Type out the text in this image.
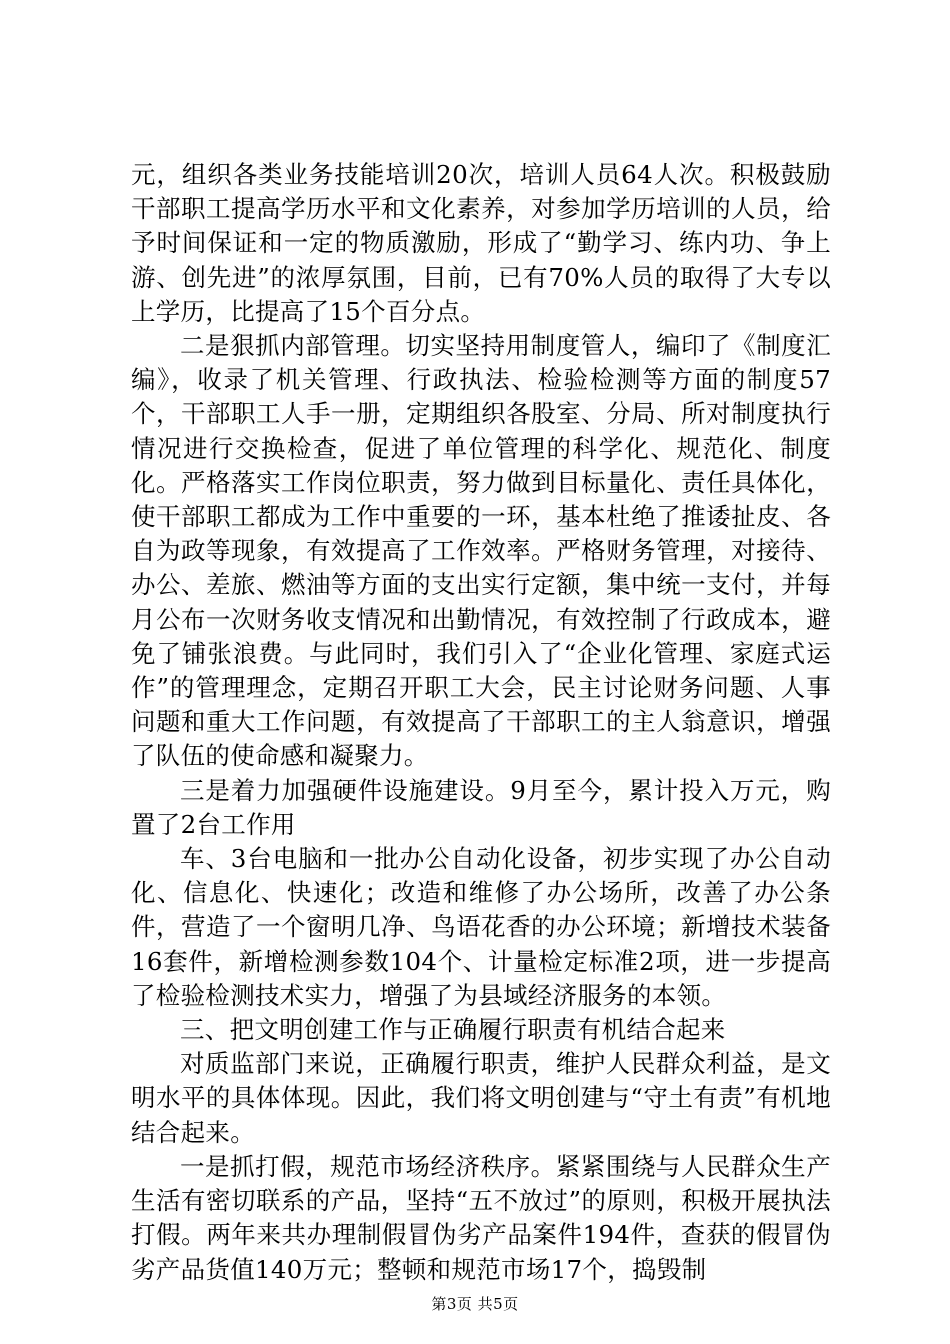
元，组织各类业务技能培训20次，培训人员64人次。积极鼓励干部职工提高学历水平和文化素养，对参加学历培训的人员，给予时间保证和一定的物质激励，形成了“勤学习、练内功、争上游、创先进”的浓厚氛围，目前，已有70%人员的取得了大专以上学历，比提高了15个百分点。

二是狠抓内部管理。切实坚持用制度管人，编印了《制度汇编》，收录了机关管理、行政执法、检验检测等方面的制度57个，干部职工人手一册，定期组织各股室、分局、所对制度执行情况进行交换检查，促进了单位管理的科学化、规范化、制度化。严格落实工作岗位职责，努力做到目标量化、责任具体化，使干部职工都成为工作中重要的一环，基本杜绝了推诿扯皮、各自为政等现象，有效提高了工作效率。严格财务管理，对接待、办公、差旅、燃油等方面的支出实行定额，集中统一支付，并每月公布一次财务收支情况和出勤情况，有效控制了行政成本，避免了铺张浪费。与此同时，我们引入了“企业化管理、家庭式运作”的管理理念，定期召开职工大会，民主讨论财务问题、人事问题和重大工作问题，有效提高了干部职工的主人翁意识，增强了队伍的使命感和凝聚力。

三是着力加强硬件设施建设。9月至今，累计投入万元，购置了2台工作用

车、3台电脑和一批办公自动化设备，初步实现了办公自动化、信息化、快速化；改造和维修了办公场所，改善了办公条件，营造了一个窗明几净、鸟语花香的办公环境；新增技术装备16套件，新增检测参数104个、计量检定标准2项，进一步提高了检验检测技术实力，增强了为县域经济服务的本领。

三、把文明创建工作与正确履行职责有机结合起来

对质监部门来说，正确履行职责，维护人民群众利益，是文明水平的具体体现。因此，我们将文明创建与“守土有责”有机地结合起来。

一是抓打假，规范市场经济秩序。紧紧围绕与人民群众生产生活有密切联系的产品，坚持“五不放过”的原则，积极开展执法打假。两年来共办理制假冒伪劣产品案件194件，查获的假冒伪劣产品货值140万元；整顿和规范市场17个，捣毁制

第3页 共5页
